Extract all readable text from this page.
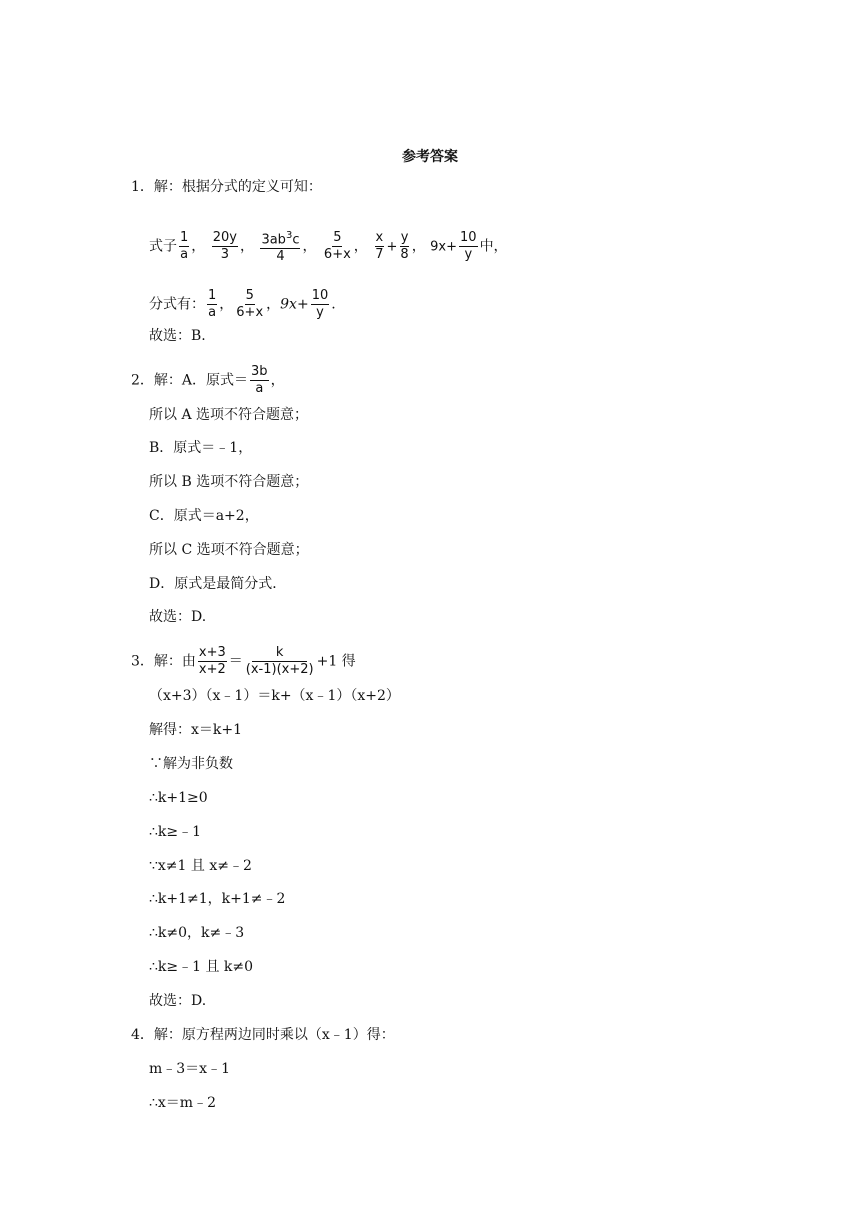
参考答案
1．解：根据分式的定义可知：
式子 $\frac{1}{a}$ ， $\frac{20y}{3}$ ， $\frac{3ab^3c}{4}$ ， $\frac{5}{6+x}$ ， $\frac{x}{7} + \frac{y}{8}$ ， $9x+ \frac{10}{y}$ 中，
分式有： $\frac{1}{a}$ ， $\frac{5}{6+x}$ ，$9x+ \frac{10}{y}$ .
故选：B.
2．解：A．原式＝ $\frac{3b}{a}$ ，
所以 A 选项不符合题意；
B．原式＝﹣1，
所以 B 选项不符合题意；
C．原式＝a+2，
所以 C 选项不符合题意；
D．原式是最简分式．
故选：D.
3．解：由 $\frac{x+3}{x+2} = \frac{k}{(x-1)(x+2)} +1$ 得
（x+3）（x﹣1）＝k+（x﹣1）（x+2）
解得：x＝k+1
∵解为非负数
∴k+1≥0
∴k≥﹣1
∵x≠1 且 x≠﹣2
∴k+1≠1，k+1≠﹣2
∴k≠0，k≠﹣3
∴k≥﹣1 且 k≠0
故选：D.
4．解：原方程两边同时乘以（x﹣1）得：
m﹣3＝x﹣1
∴x＝m﹣2
